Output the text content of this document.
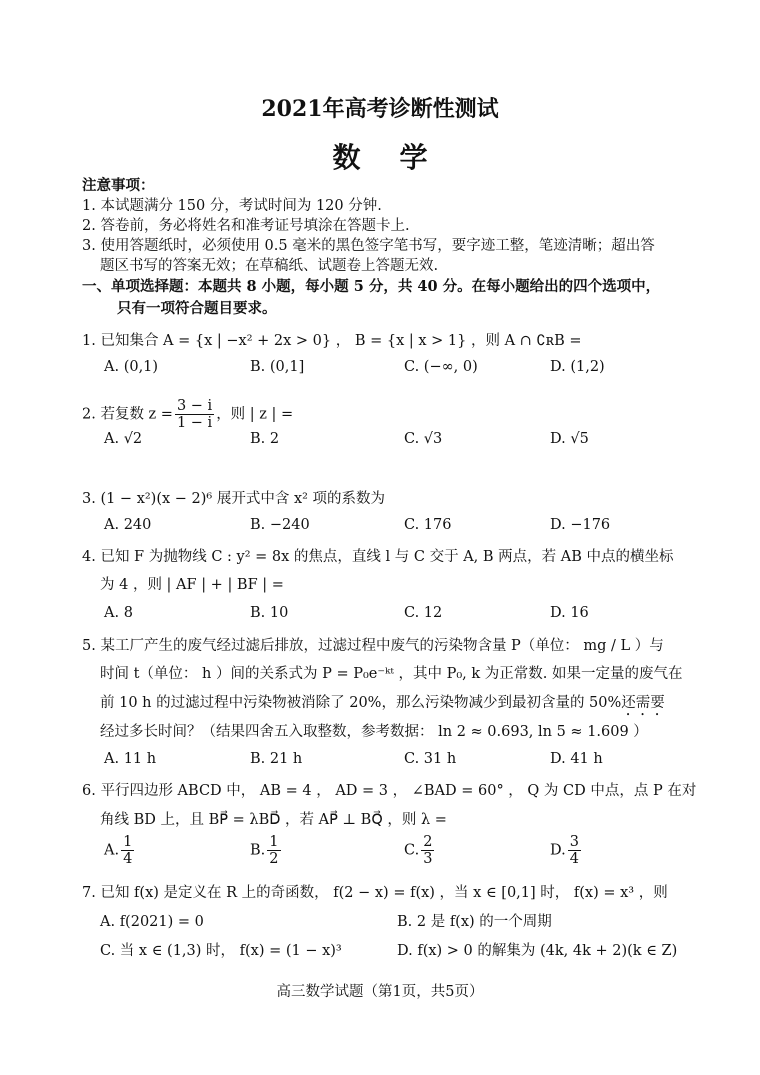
2021年高考诊断性测试
数    学
注意事项：
1. 本试题满分 150 分，考试时间为 120 分钟.
2. 答卷前，务必将姓名和准考证号填涂在答题卡上.
3. 使用答题纸时，必须使用 0.5 毫米的黑色签字笔书写，要字迹工整，笔迹清晰；超出答
题区书写的答案无效；在草稿纸、试题卷上答题无效.
一、单项选择题：本题共 8 小题，每小题 5 分，共 40 分。在每小题给出的四个选项中，
只有一项符合题目要求。
1. 已知集合 A = {x | −x² + 2x > 0} ， B = {x | x > 1} ，则 A ∩ ∁ʀB =
A. (0,1)	B. (0,1]	C. (−∞, 0)	D. (1,2)
2. 若复数 $z = \frac{3 - i}{1 - i}$ ，则 | z | =
A. √2	B. 2	C. √3	D. √5
3. (1 − x²)(x − 2)⁶ 展开式中含 x² 项的系数为
A. 240	B. −240	C. 176	D. −176
4. 已知 F 为抛物线 C : y² = 8x 的焦点，直线 l 与 C 交于 A, B 两点，若 AB 中点的横坐标
为 4 ，则 | AF | + | BF | =
A. 8	B. 10	C. 12	D. 16
5. 某工厂产生的废气经过滤后排放，过滤过程中废气的污染物含量 P（单位： mg / L ）与
时间 t（单位： h ）间的关系式为 P = P₀e⁻ᵏᵗ ，其中 P₀, k 为正常数. 如果一定量的废气在
前 10 h 的过滤过程中污染物被消除了 20%，那么污染物减少到最初含量的 50%还需要
经过多长时间？（结果四舍五入取整数，参考数据： ln 2 ≈ 0.693, ln 5 ≈ 1.609 ）
A. 11 h	B. 21 h	C. 31 h	D. 41 h
6. 平行四边形 ABCD 中， AB = 4 ， AD = 3 ， ∠BAD = 60° ， Q 为 CD 中点，点 P 在对
角线 BD 上，且 BP⃗ = λBD⃗ ，若 AP⃗ ⊥ BQ⃗ ，则 λ =
A. $\frac{1}{4}$	B. $\frac{1}{2}$	C. $\frac{2}{3}$	D. $\frac{3}{4}$
7. 已知 f(x) 是定义在 R 上的奇函数， f(2 − x) = f(x) ，当 x ∈ [0,1] 时， f(x) = x³ ，则
A. f(2021) = 0	B. 2 是 f(x) 的一个周期
C. 当 x ∈ (1,3) 时， f(x) = (1 − x)³	D. f(x) > 0 的解集为 (4k, 4k + 2)(k ∈ Z)
高三数学试题（第1页，共5页）
